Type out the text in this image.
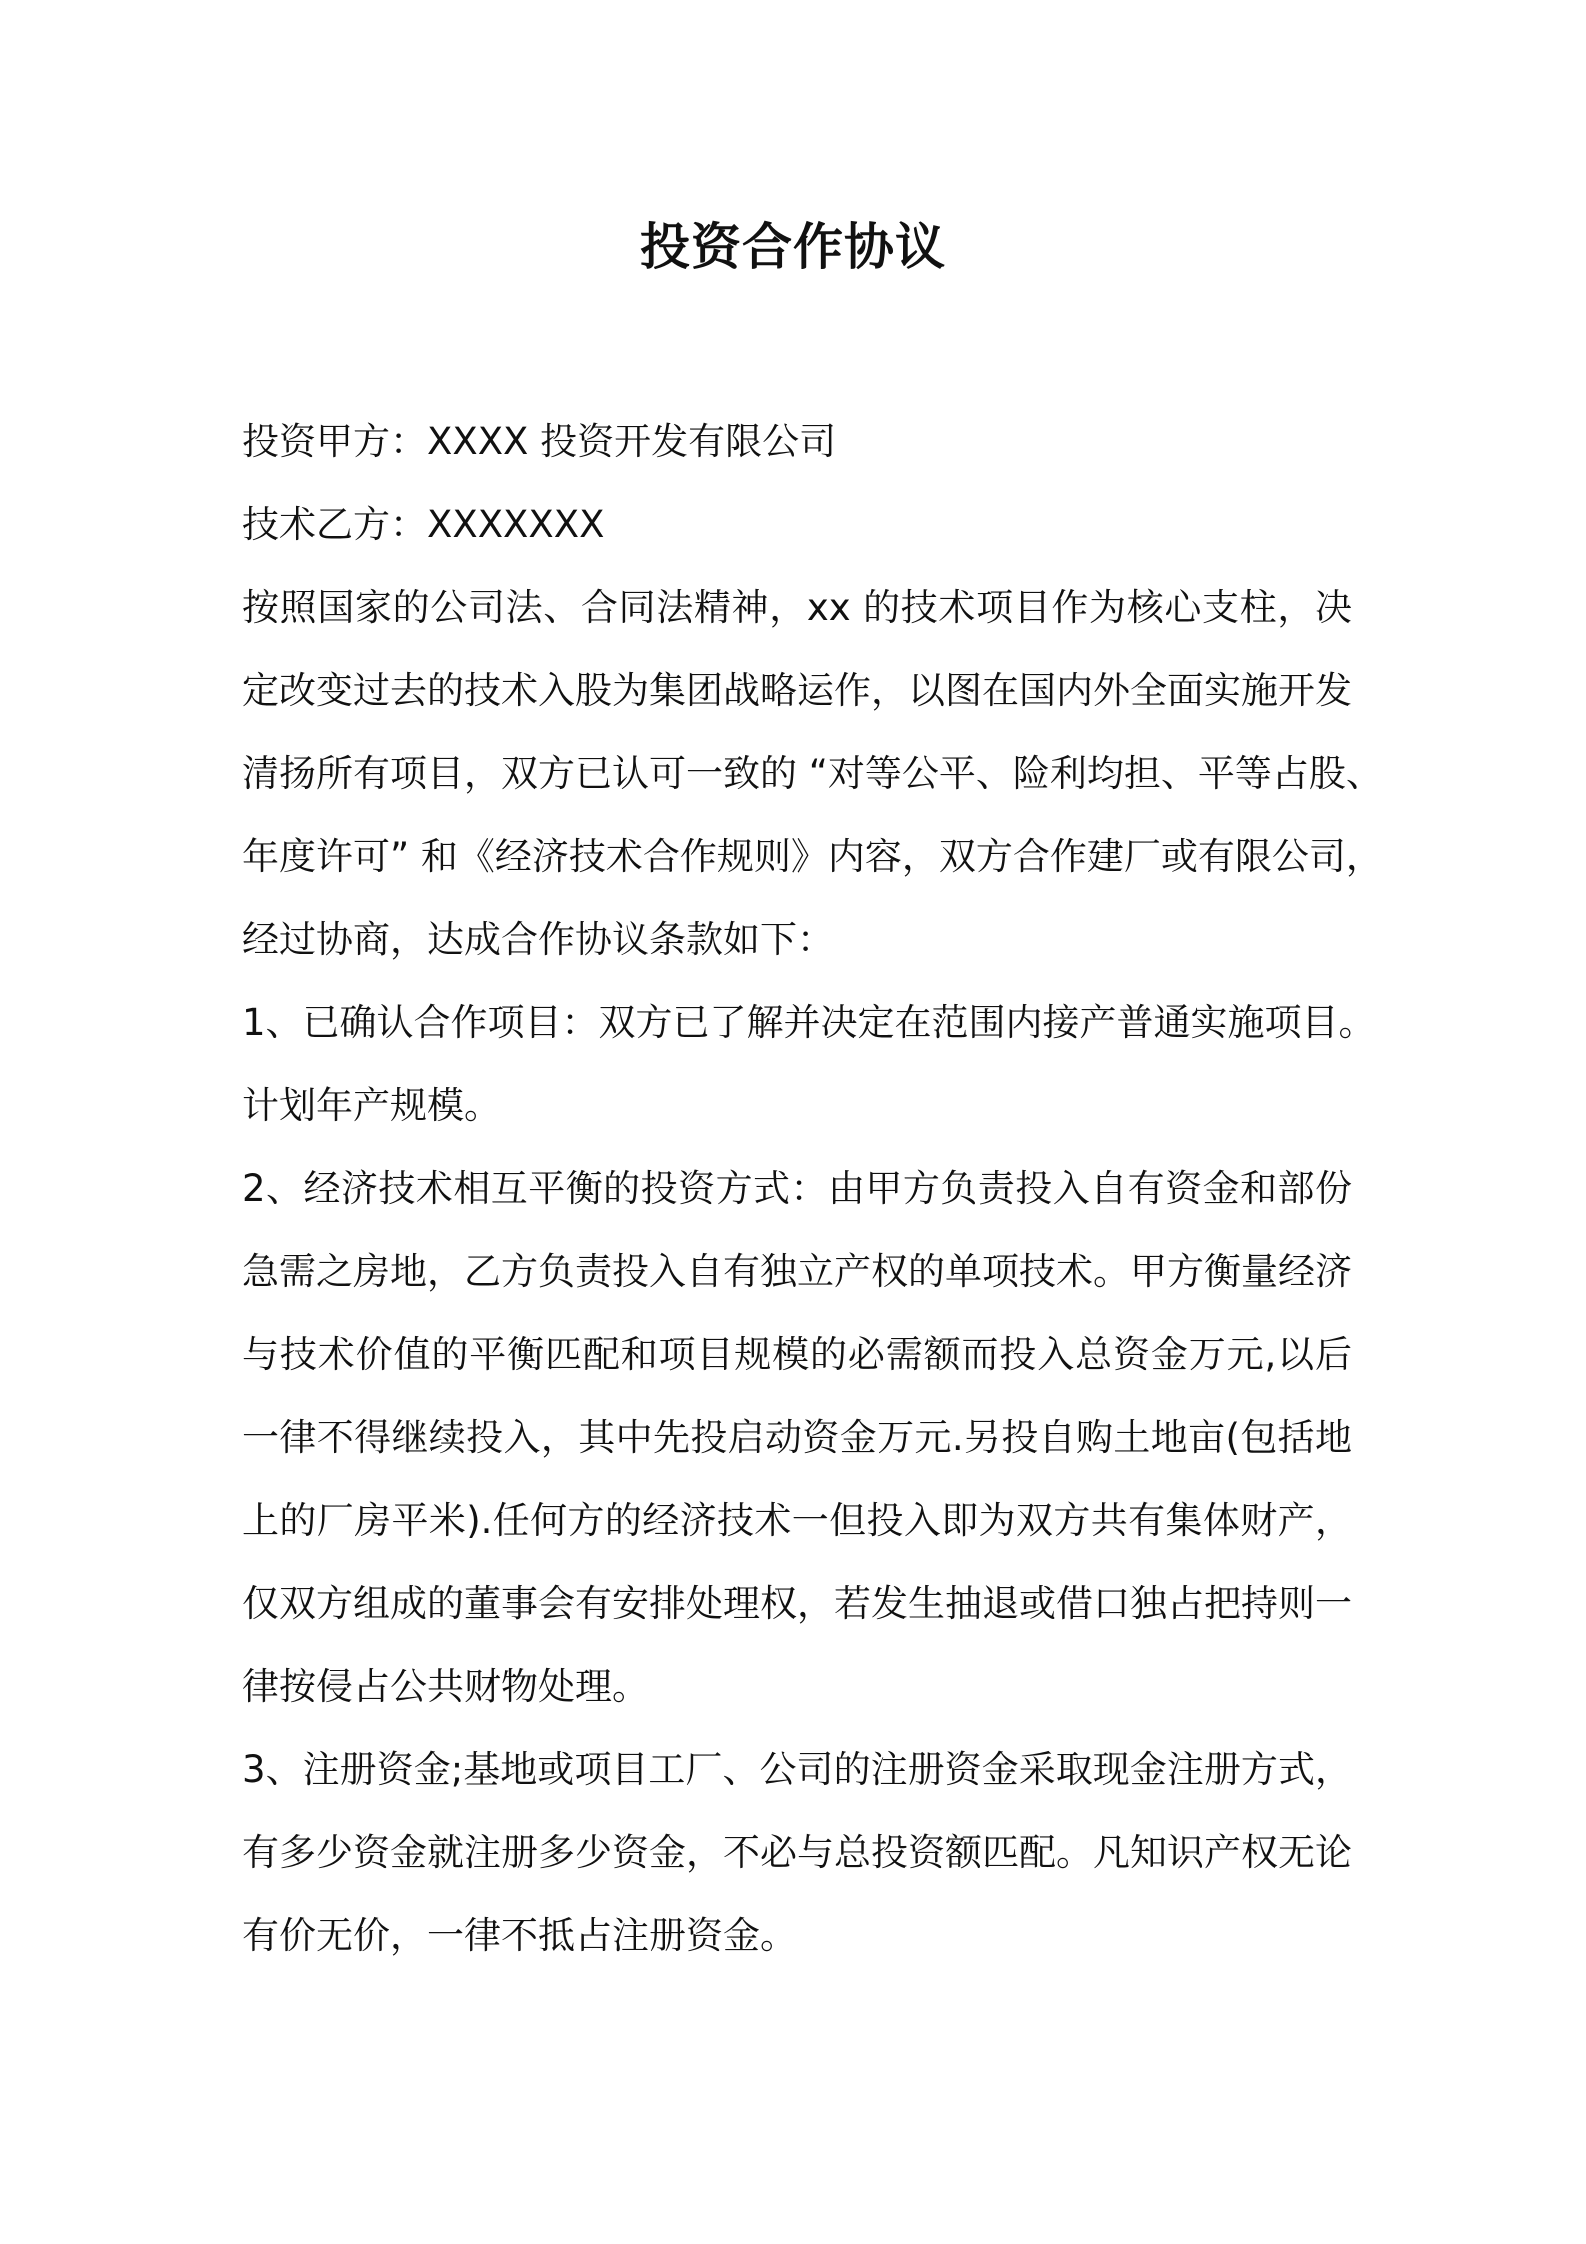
投资合作协议
投资甲方：XXXX 投资开发有限公司
技术乙方：XXXXXXX
按照国家的公司法、合同法精神，xx 的技术项目作为核心支柱，决
定改变过去的技术入股为集团战略运作，以图在国内外全面实施开发
清扬所有项目，双方已认可一致的 “对等公平、险利均担、平等占股、
年度许可” 和《经济技术合作规则》内容，双方合作建厂或有限公司，
经过协商，达成合作协议条款如下：
1、已确认合作项目：双方已了解并决定在范围内接产普通实施项目。
计划年产规模。
2、经济技术相互平衡的投资方式：由甲方负责投入自有资金和部份
急需之房地，乙方负责投入自有独立产权的单项技术。甲方衡量经济
与技术价值的平衡匹配和项目规模的必需额而投入总资金万元,以后
一律不得继续投入，其中先投启动资金万元.另投自购土地亩(包括地
上的厂房平米).任何方的经济技术一但投入即为双方共有集体财产，
仅双方组成的董事会有安排处理权，若发生抽退或借口独占把持则一
律按侵占公共财物处理。
3、注册资金;基地或项目工厂、公司的注册资金采取现金注册方式，
有多少资金就注册多少资金，不必与总投资额匹配。凡知识产权无论
有价无价，一律不抵占注册资金。
